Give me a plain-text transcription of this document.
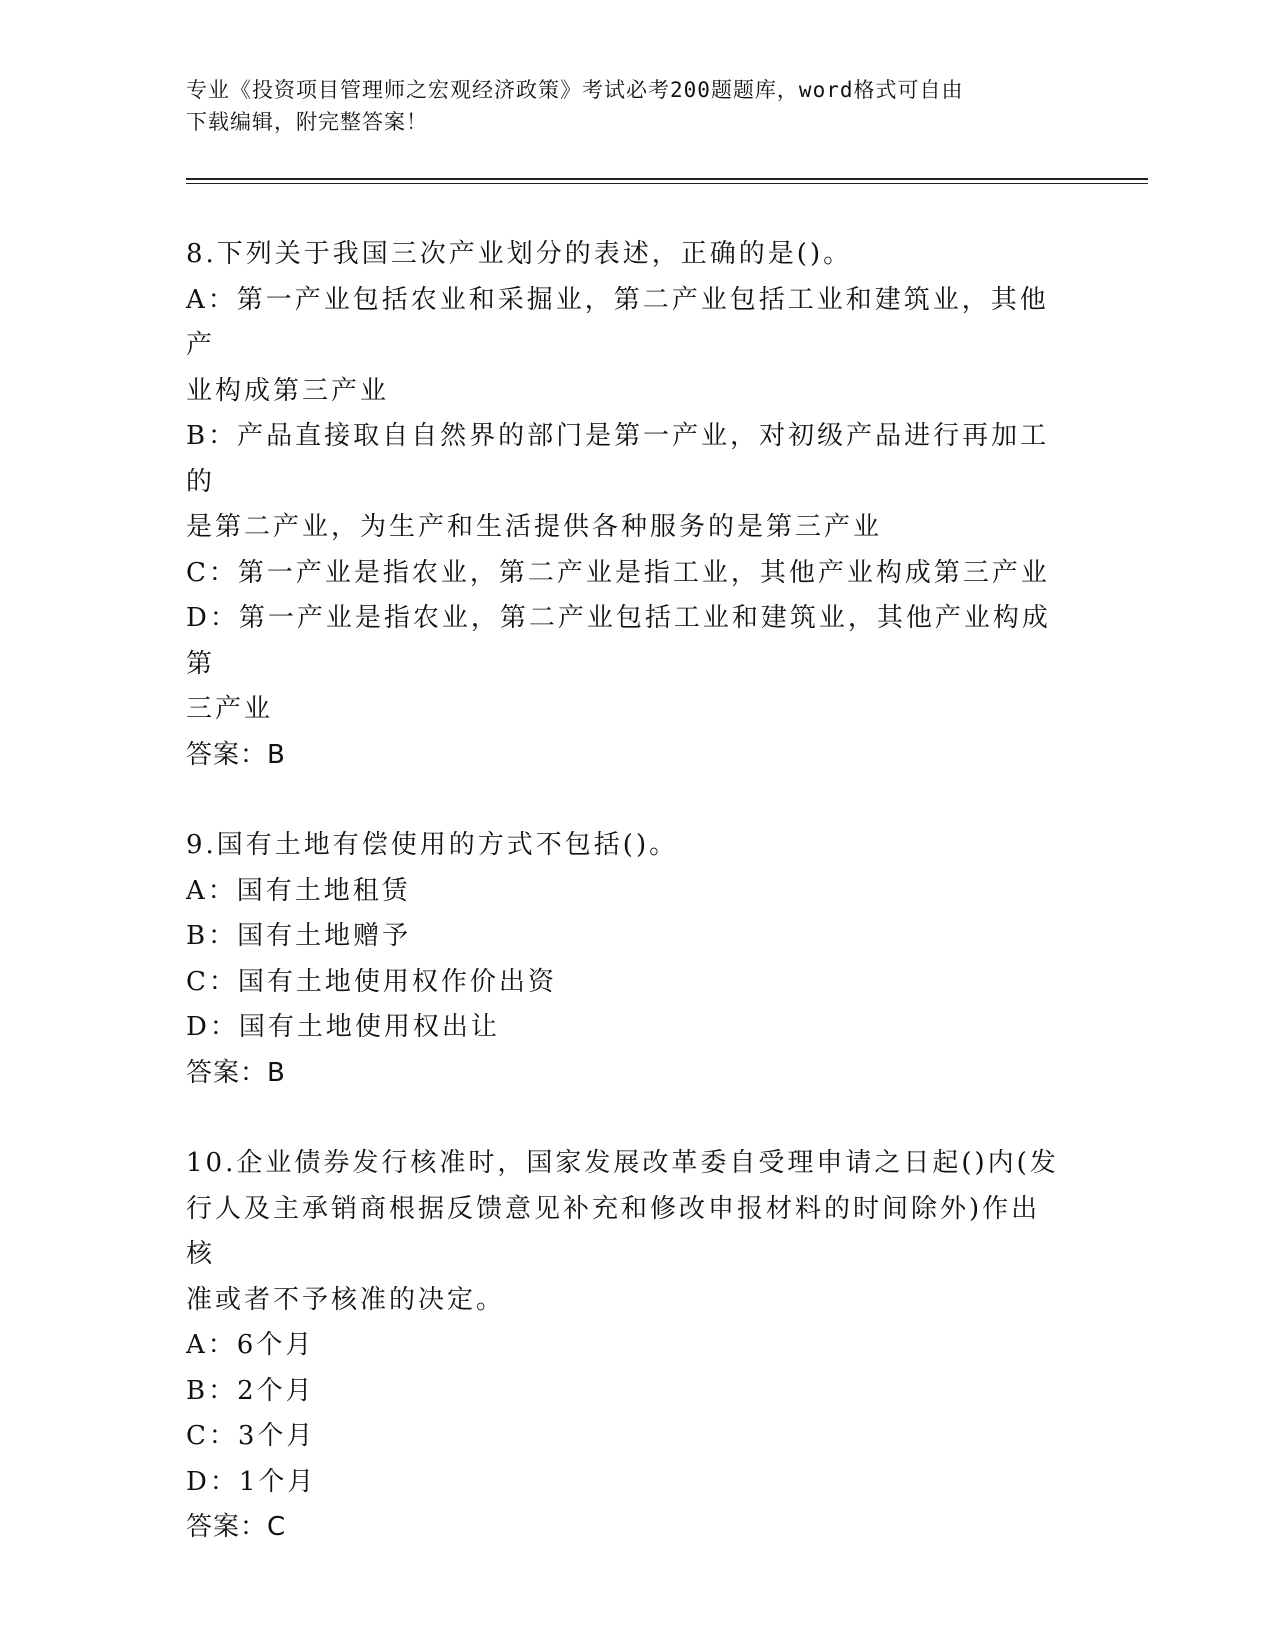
专业《投资项目管理师之宏观经济政策》考试必考200题题库，word格式可自由
下载编辑，附完整答案！
8.下列关于我国三次产业划分的表述，正确的是()。
A：第一产业包括农业和采掘业，第二产业包括工业和建筑业，其他产
业构成第三产业
B：产品直接取自自然界的部门是第一产业，对初级产品进行再加工的
是第二产业，为生产和生活提供各种服务的是第三产业
C：第一产业是指农业，第二产业是指工业，其他产业构成第三产业
D：第一产业是指农业，第二产业包括工业和建筑业，其他产业构成第
三产业
答案：B
9.国有土地有偿使用的方式不包括()。
A：国有土地租赁
B：国有土地赠予
C：国有土地使用权作价出资
D：国有土地使用权出让
答案：B
10.企业债券发行核准时，国家发展改革委自受理申请之日起()内(发
行人及主承销商根据反馈意见补充和修改申报材料的时间除外)作出核
准或者不予核准的决定。
A：6个月
B：2个月
C：3个月
D：1个月
答案：C
